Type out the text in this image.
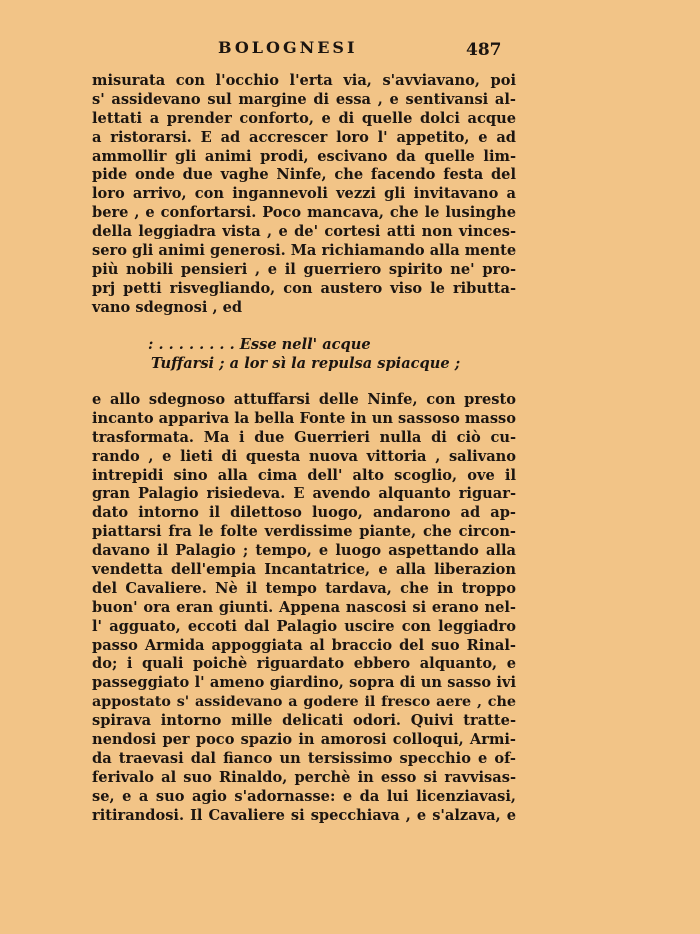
BOLOGNESI	487
misurata con l'occhio l'erta via, s'avviavano, poi
s' assidevano sul margine di essa , e sentivansi al-
lettati a prender conforto, e di quelle dolci acque
a ristorarsi. E ad accrescer loro l' appetito, e ad
ammollir gli animi prodi, escivano da quelle lim-
pide onde due vaghe Ninfe, che facendo festa del
loro arrivo, con ingannevoli vezzi gli invitavano a
bere , e confortarsi. Poco mancava, che le lusinghe
della leggiadra vista , e de' cortesi atti non vinces-
sero gli animi generosi. Ma richiamando alla mente
più nobili pensieri , e il guerriero spirito ne' pro-
prj petti risvegliando, con austero viso le ributta-
vano sdegnosi , ed
: . . . . . . . . Esse nell' acque
Tuffarsi ; a lor sì la repulsa spiacque ;
e allo sdegnoso attuffarsi delle Ninfe, con presto
incanto appariva la bella Fonte in un sassoso masso
trasformata. Ma i due Guerrieri nulla di ciò cu-
rando , e lieti di questa nuova vittoria , salivano
intrepidi sino alla cima dell' alto scoglio, ove il
gran Palagio risiedeva. E avendo alquanto riguar-
dato intorno il dilettoso luogo, andarono ad ap-
piattarsi fra le folte verdissime piante, che circon-
davano il Palagio ; tempo, e luogo aspettando alla
vendetta dell'empia Incantatrice, e alla liberazion
del Cavaliere. Nè il tempo tardava, che in troppo
buon' ora eran giunti. Appena nascosi si erano nel-
l' agguato, eccoti dal Palagio uscire con leggiadro
passo Armida appoggiata al braccio del suo Rinal-
do; i quali poichè riguardato ebbero alquanto, e
passeggiato l' ameno giardino, sopra di un sasso ivi
appostato s' assidevano a godere il fresco aere , che
spirava intorno mille delicati odori. Quivi tratte-
nendosi per poco spazio in amorosi colloqui, Armi-
da traevasi dal fianco un tersissimo specchio e of-
ferivalo al suo Rinaldo, perchè in esso si ravvisas-
se, e a suo agio s'adornasse: e da lui licenziavasi,
ritirandosi. Il Cavaliere si specchiava , e s'alzava, e
